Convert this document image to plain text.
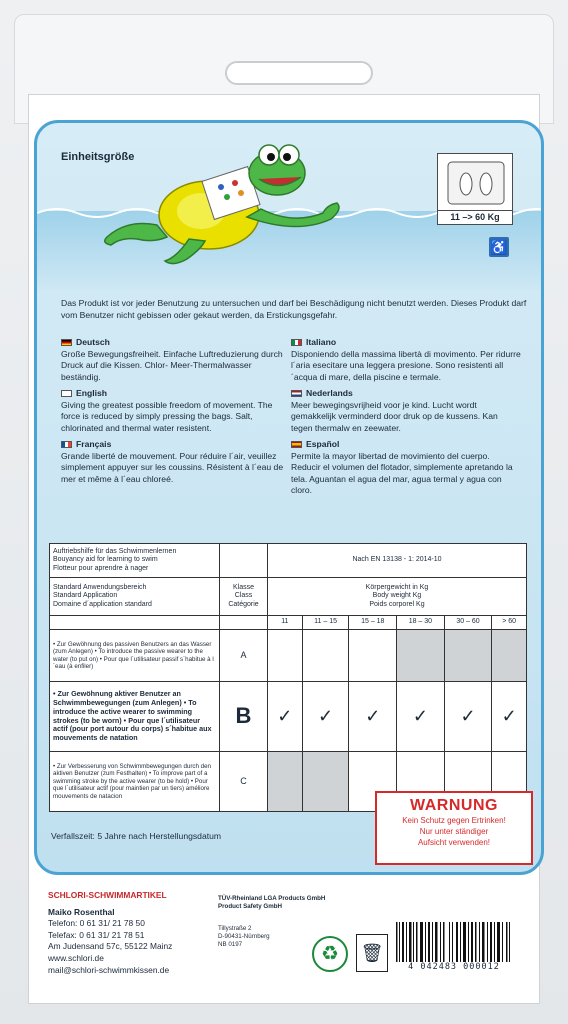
Einheitsgröße
11 –> 60 Kg
♿
Das Produkt ist vor jeder Benutzung zu untersuchen und darf bei Beschädigung nicht benutzt werden. Dieses Produkt darf vom Benutzer nicht gebissen oder gekaut werden, da Erstickungsgefahr.
Deutsch
Große Bewegungsfreiheit. Einfache Luftreduzierung durch Druck auf die Kissen. Chlor- Meer-Thermalwasser beständig.
English
Giving the greatest possible freedom of movement. The force is reduced by simply pressing the bags. Salt, chlorinated and thermal water resistent.
Français
Grande liberté de mouvement. Pour réduire l´air, veuillez simplement appuyer sur les coussins. Résistent à l´eau de mer et même à l´eau chloreé.
Italiano
Disponiendo della massima libertà di movimento. Per ridurre l´aria esecitare una leggera presione. Sono resistenti all´acqua di mare, della piscine e termale.
Nederlands
Meer bewegingsvrijheid voor je kind. Lucht wordt gemakkelijk verminderd door druk op de kussens. Kan tegen thermalw en zeewater.
Español
Permite la mayor libertad de movimiento del cuerpo. Reducir el volumen del flotador, simplemente apretando la tela. Aguantan el agua del mar, agua termal y agua con cloro.
Auftriebshilfe für das Schwimmenlernen
Bouyancy aid for learning to swim
Flotteur pour aprendre à nager		Nach EN 13138 - 1: 2014-10					
Standard Anwendungsbereich
Standard Application
Domaine d´application standard	Klasse
Class
Catégorie	Körpergewicht in Kg
Body weight Kg
Poids corporel Kg					
		11	11 – 15	15 – 18	18 – 30	30 – 60	> 60
• Zur Gewöhnung des passiven Benutzers an das Wasser (zum Anlegen) • To introduce the passive wearer to the water (to put on) • Pour que l´utilisateur passif s´habitue à l´eau (à enfiler)	A						
• Zur Gewöhnung aktiver Benutzer an Schwimmbewegungen (zum Anlegen) • To introduce the active wearer to swimming strokes (to be worn) • Pour que l´utilisateur actif (pour port autour du corps) s´habitue aux mouvements de natation	B	✓	✓	✓	✓	✓	✓
• Zur Verbesserung von Schwimmbewegungen durch den aktiven Benutzer (zum Festhalten) • To improve part of a swimming stroke by the active wearer (to be hold) • Pour que l´utilisateur actif (pour maintien par un tiers) améliore mouvements de natacion	C						
WARNUNG
Kein Schutz gegen Ertrinken!
Nur unter ständiger
Aufsicht verwenden!
Verfallszeit: 5 Jahre nach Herstellungsdatum
SCHLORI-SCHWIMMARTIKEL
Maiko Rosenthal
Telefon: 0 61 31/ 21 78 50
Telefax: 0 61 31/ 21 78 51
Am Judensand 57c, 55122 Mainz
www.schlori.de
mail@schlori-schwimmkissen.de
TÜV-Rheinland LGA Products GmbH
Product Safety GmbH
Tillystraße 2
D-90431-Nürnberg
NB 0197	♻	🗑
4 042483 000012
